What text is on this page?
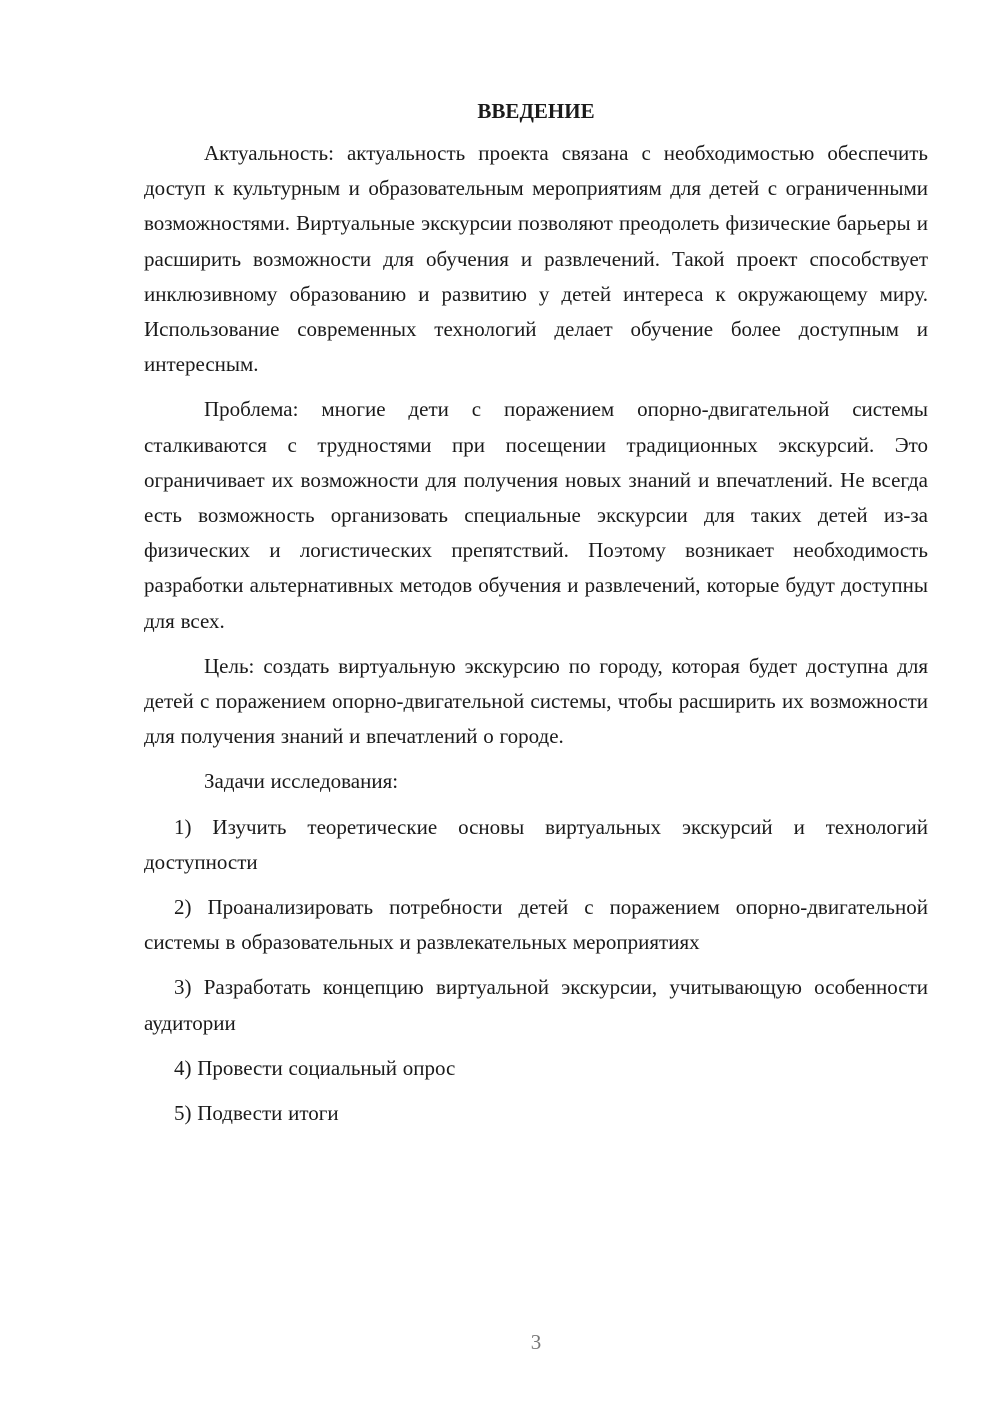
ВВЕДЕНИЕ

Актуальность: актуальность проекта связана с необходимостью обеспечить доступ к культурным и образовательным мероприятиям для детей с ограниченными возможностями. Виртуальные экскурсии позволяют преодолеть физические барьеры и расширить возможности для обучения и развлечений. Такой проект способствует инклюзивному образованию и развитию у детей интереса к окружающему миру. Использование современных технологий делает обучение более доступным и интересным.

Проблема: многие дети с поражением опорно-двигательной системы сталкиваются с трудностями при посещении традиционных экскурсий. Это ограничивает их возможности для получения новых знаний и впечатлений. Не всегда есть возможность организовать специальные экскурсии для таких детей из-за физических и логистических препятствий. Поэтому возникает необходимость разработки альтернативных методов обучения и развлечений, которые будут доступны для всех.

Цель: создать виртуальную экскурсию по городу, которая будет доступна для детей с поражением опорно-двигательной системы, чтобы расширить их возможности для получения знаний и впечатлений о городе.

Задачи исследования:

1) Изучить теоретические основы виртуальных экскурсий и технологий доступности

2) Проанализировать потребности детей с поражением опорно-двигательной системы в образовательных и развлекательных мероприятиях

3) Разработать концепцию виртуальной экскурсии, учитывающую особенности аудитории

4) Провести социальный опрос

5) Подвести итоги

3
